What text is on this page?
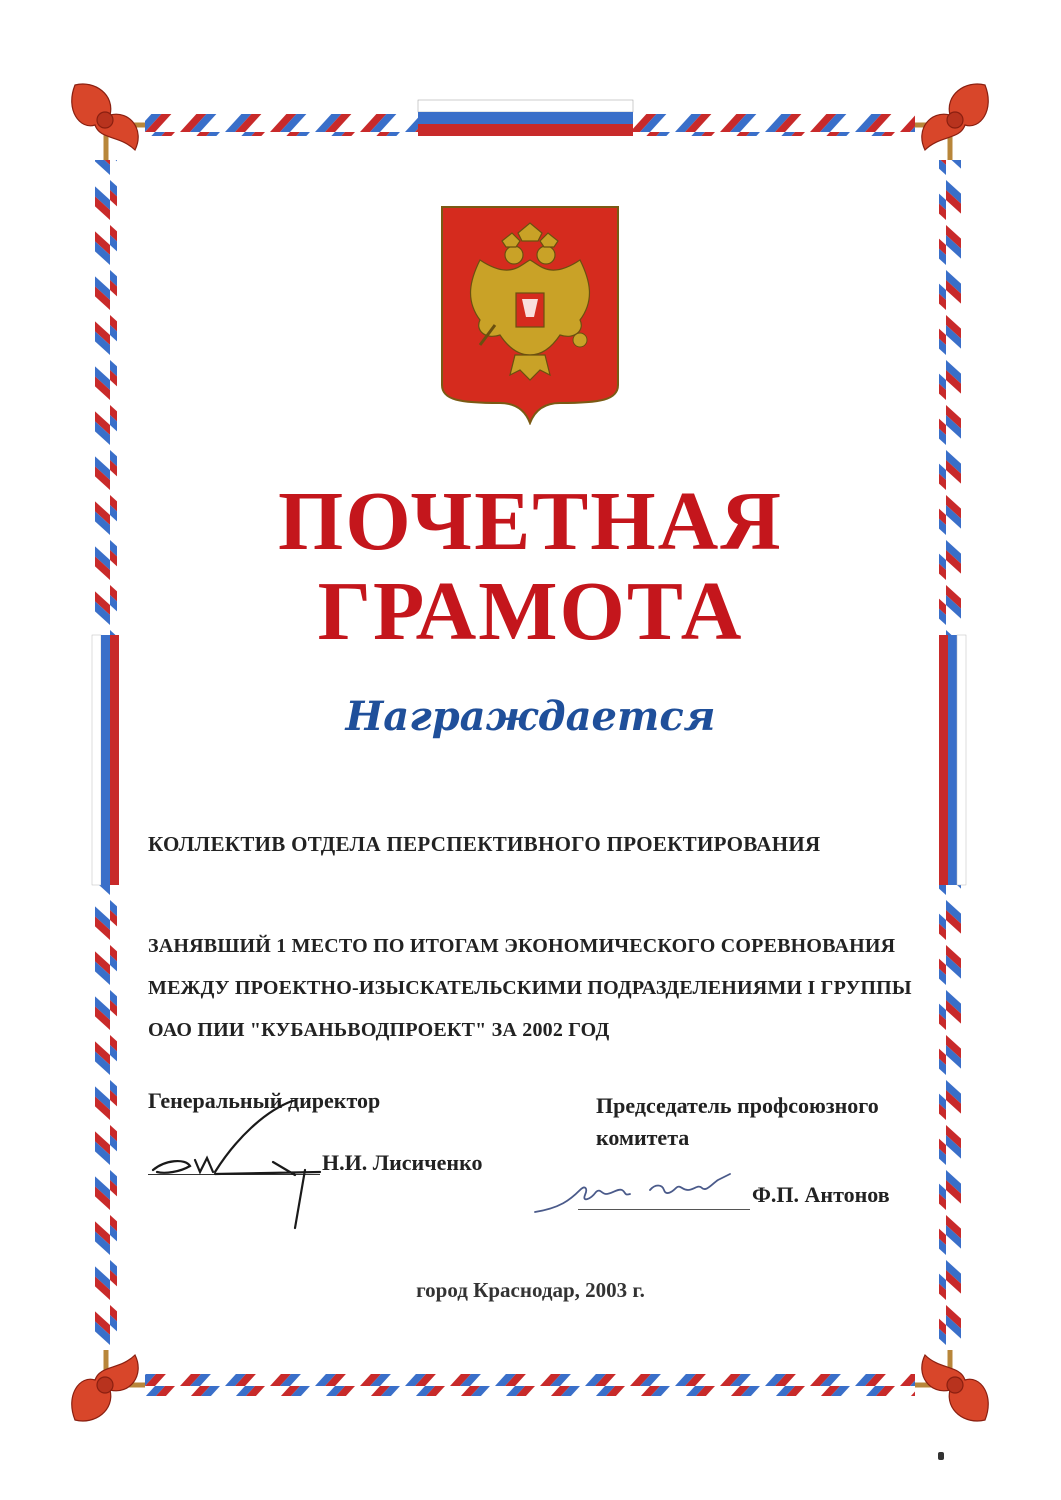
ПОЧЕТНАЯ
ГРАМОТА
Награждается
КОЛЛЕКТИВ ОТДЕЛА ПЕРСПЕКТИВНОГО ПРОЕКТИРОВАНИЯ
ЗАНЯВШИЙ 1 МЕСТО ПО ИТОГАМ ЭКОНОМИЧЕСКОГО СОРЕВНОВАНИЯ
МЕЖДУ ПРОЕКТНО-ИЗЫСКАТЕЛЬСКИМИ ПОДРАЗДЕЛЕНИЯМИ I ГРУППЫ
ОАО ПИИ "КУБАНЬВОДПРОЕКТ" ЗА 2002 ГОД
Генеральный директор
Н.И. Лисиченко
Председатель профсоюзного
комитета
Ф.П. Антонов
город Краснодар, 2003 г.
